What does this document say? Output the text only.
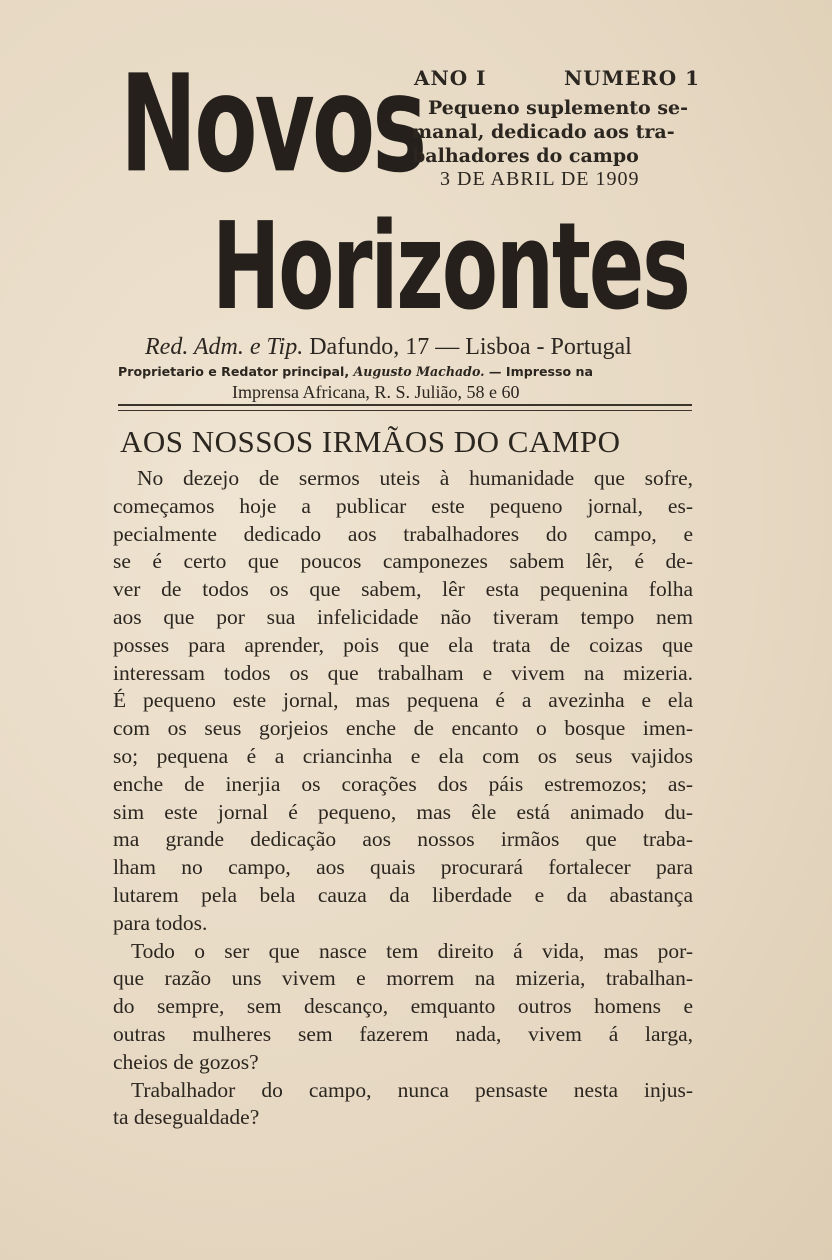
Novos
ANO I	NUMERO 1
Pequeno suplemento se-
manal, dedicado aos tra-
balhadores do campo
3 DE ABRIL DE 1909
Horizontes
Red. Adm. e Tip. Dafundo, 17 — Lisboa - Portugal
Proprietario e Redator principal, Augusto Machado. — Impresso na
Imprensa Africana, R. S. Julião, 58 e 60
AOS NOSSOS IRMÃOS DO CAMPO
No dezejo de sermos uteis à humanidade que sofre,
começamos hoje a publicar este pequeno jornal, es-
pecialmente dedicado aos trabalhadores do campo, e
se é certo que poucos camponezes sabem lêr, é de-
ver de todos os que sabem, lêr esta pequenina folha
aos que por sua infelicidade não tiveram tempo nem
posses para aprender, pois que ela trata de coizas que
interessam todos os que trabalham e vivem na mizeria.
É pequeno este jornal, mas pequena é a avezinha e ela
com os seus gorjeios enche de encanto o bosque imen-
so; pequena é a criancinha e ela com os seus vajidos
enche de inerjia os corações dos páis estremozos; as-
sim este jornal é pequeno, mas êle está animado du-
ma grande dedicação aos nossos irmãos que traba-
lham no campo, aos quais procurará fortalecer para
lutarem pela bela cauza da liberdade e da abastança
para todos.
Todo o ser que nasce tem direito á vida, mas por-
que razão uns vivem e morrem na mizeria, trabalhan-
do sempre, sem descanço, emquanto outros homens e
outras mulheres sem fazerem nada, vivem á larga,
cheios de gozos?
Trabalhador do campo, nunca pensaste nesta injus-
ta desegualdade?
